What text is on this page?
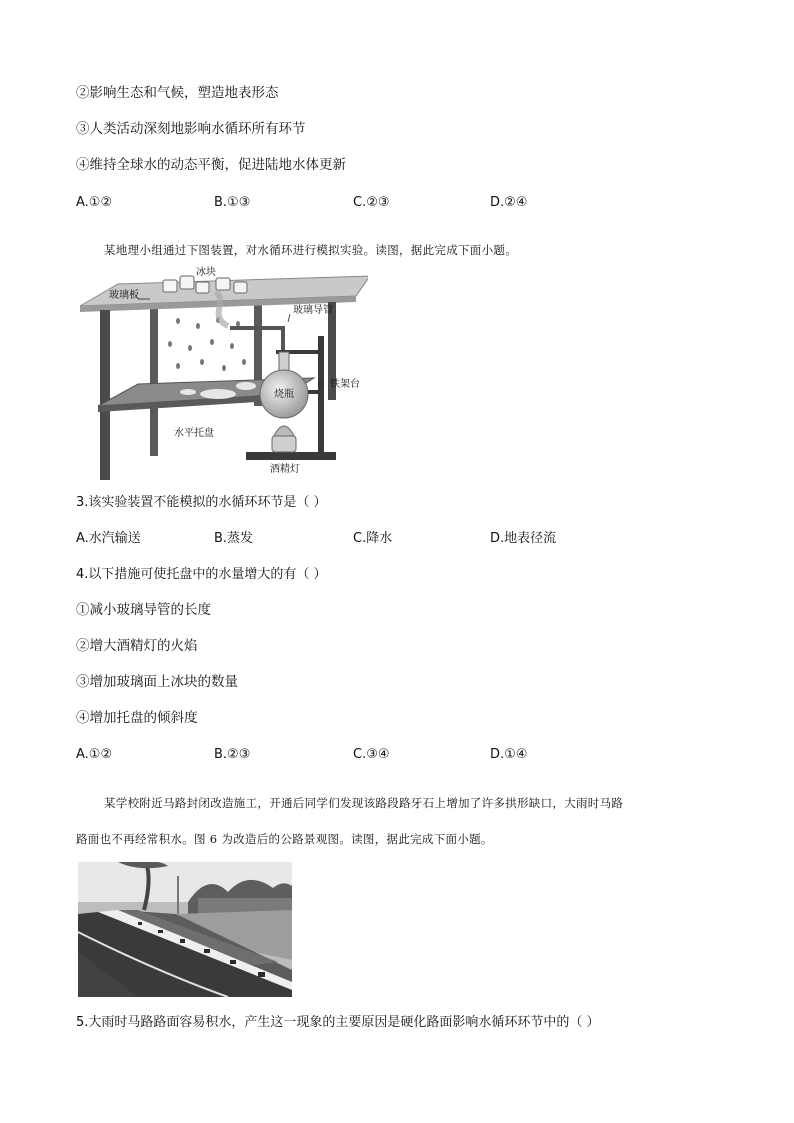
②影响生态和气候，塑造地表形态
③人类活动深刻地影响水循环所有环节
④维持全球水的动态平衡，促进陆地水体更新
A.①②	B.①③	C.②③	D.②④
某地理小组通过下图装置，对水循环进行模拟实验。读图，据此完成下面小题。
冰块
玻璃板
玻璃导管
铁架台
烧瓶
水平托盘
酒精灯
3.该实验装置不能模拟的水循环环节是（ ）
A.水汽输送	B.蒸发	C.降水	D.地表径流
4.以下措施可使托盘中的水量增大的有（ ）
①减小玻璃导管的长度
②增大酒精灯的火焰
③增加玻璃面上冰块的数量
④增加托盘的倾斜度
A.①②	B.②③	C.③④	D.①④
某学校附近马路封闭改造施工，开通后同学们发现该路段路牙石上增加了许多拱形缺口，大雨时马路
路面也不再经常积水。图 6 为改造后的公路景观图。读图，据此完成下面小题。
5.大雨时马路路面容易积水，产生这一现象的主要原因是硬化路面影响水循环环节中的（ ）
